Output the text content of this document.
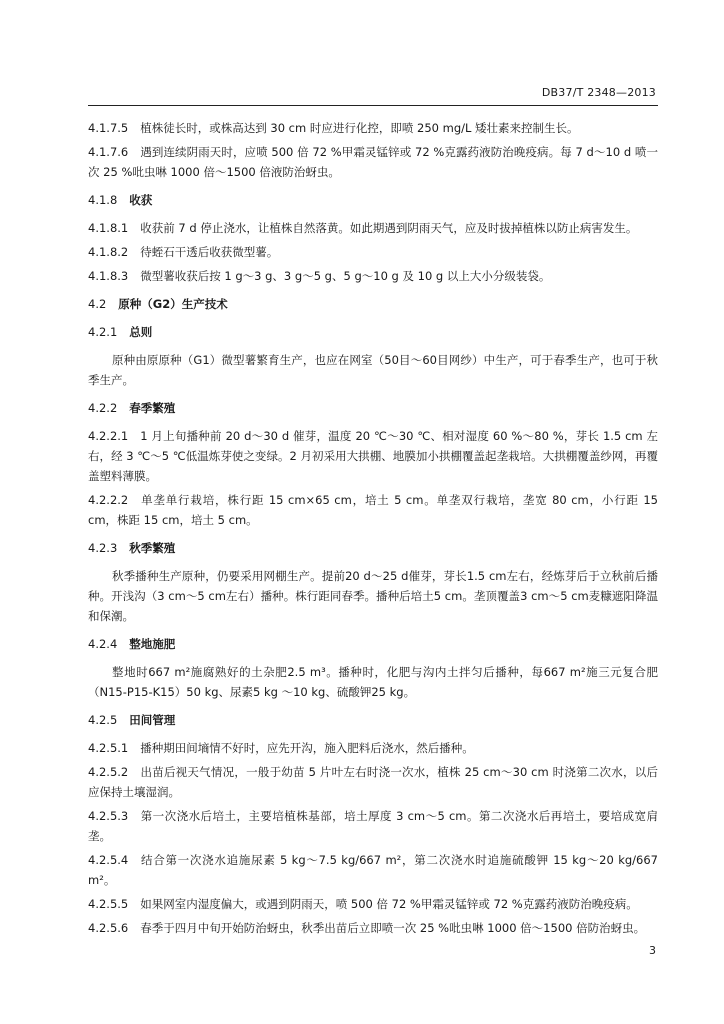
DB37/T 2348—2013
4.1.7.5 植株徒长时，或株高达到 30 cm 时应进行化控，即喷 250 mg/L 矮壮素来控制生长。
4.1.7.6 遇到连续阴雨天时，应喷 500 倍 72 %甲霜灵锰锌或 72 %克露药液防治晚疫病。每 7 d～10 d 喷一次 25 %吡虫啉 1000 倍～1500 倍液防治蚜虫。
4.1.8 收获
4.1.8.1 收获前 7 d 停止浇水，让植株自然落黄。如此期遇到阴雨天气，应及时拔掉植株以防止病害发生。
4.1.8.2 待蛭石干透后收获微型薯。
4.1.8.3 微型薯收获后按 1 g～3 g、3 g～5 g、5 g～10 g 及 10 g 以上大小分级装袋。
4.2 原种（G2）生产技术
4.2.1 总则
原种由原原种（G1）微型薯繁育生产，也应在网室（50目～60目网纱）中生产，可于春季生产，也可于秋季生产。
4.2.2 春季繁殖
4.2.2.1 1 月上旬播种前 20 d～30 d 催芽，温度 20 ℃～30 ℃、相对湿度 60 %～80 %，芽长 1.5 cm 左右，经 3 ℃～5 ℃低温炼芽使之变绿。2 月初采用大拱棚、地膜加小拱棚覆盖起垄栽培。大拱棚覆盖纱网，再覆盖塑料薄膜。
4.2.2.2 单垄单行栽培，株行距 15 cm×65 cm，培土 5 cm。单垄双行栽培，垄宽 80 cm，小行距 15 cm，株距 15 cm，培土 5 cm。
4.2.3 秋季繁殖
秋季播种生产原种，仍要采用网棚生产。提前20 d～25 d催芽，芽长1.5 cm左右，经炼芽后于立秋前后播种。开浅沟（3 cm～5 cm左右）播种。株行距同春季。播种后培土5 cm。垄顶覆盖3 cm～5 cm麦糠遮阳降温和保潮。
4.2.4 整地施肥
整地时667 m²施腐熟好的土杂肥2.5 m³。播种时，化肥与沟内土拌匀后播种，每667 m²施三元复合肥（N15-P15-K15）50 kg、尿素5 kg ～10 kg、硫酸钾25 kg。
4.2.5 田间管理
4.2.5.1 播种期田间墒情不好时，应先开沟，施入肥料后浇水，然后播种。
4.2.5.2 出苗后视天气情况，一般于幼苗 5 片叶左右时浇一次水，植株 25 cm～30 cm 时浇第二次水，以后应保持土壤湿润。
4.2.5.3 第一次浇水后培土，主要培植株基部，培土厚度 3 cm～5 cm。第二次浇水后再培土，要培成宽肩垄。
4.2.5.4 结合第一次浇水追施尿素 5 kg～7.5 kg/667 m²，第二次浇水时追施硫酸钾 15 kg～20 kg/667 m²。
4.2.5.5 如果网室内湿度偏大，或遇到阴雨天，喷 500 倍 72 %甲霜灵锰锌或 72 %克露药液防治晚疫病。
4.2.5.6 春季于四月中旬开始防治蚜虫，秋季出苗后立即喷一次 25 %吡虫啉 1000 倍～1500 倍防治蚜虫。
3
